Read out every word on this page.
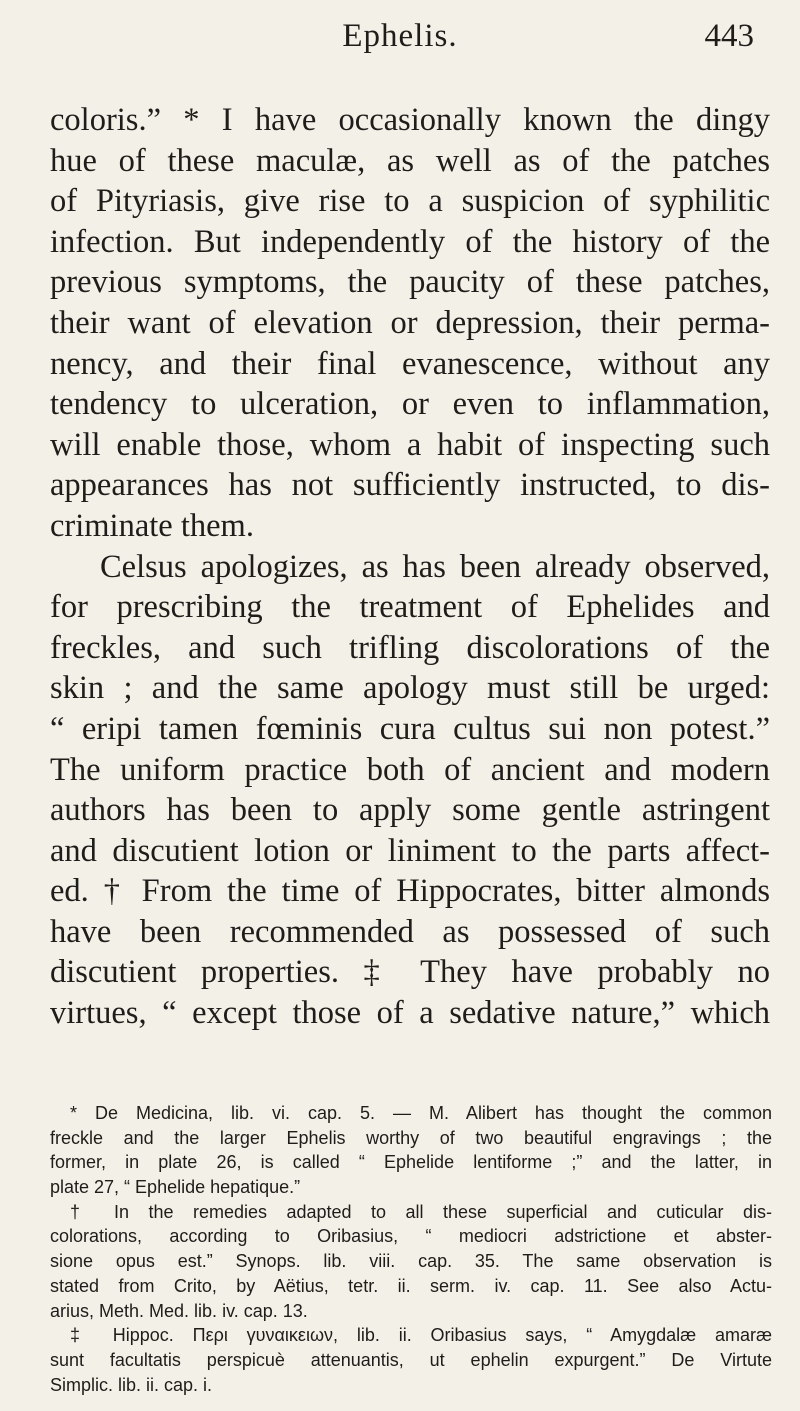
Ephelis.	443
coloris.” * I have occasionally known the dingy
hue of these maculæ, as well as of the patches
of Pityriasis, give rise to a suspicion of syphilitic
infection. But independently of the history of the
previous symptoms, the paucity of these patches,
their want of elevation or depression, their perma-
nency, and their final evanescence, without any
tendency to ulceration, or even to inflammation,
will enable those, whom a habit of inspecting such
appearances has not sufficiently instructed, to dis-
criminate them.
Celsus apologizes, as has been already observed,
for prescribing the treatment of Ephelides and
freckles, and such trifling discolorations of the
skin ; and the same apology must still be urged:
“ eripi tamen fœminis cura cultus sui non potest.”
The uniform practice both of ancient and modern
authors has been to apply some gentle astringent
and discutient lotion or liniment to the parts affect-
ed. † From the time of Hippocrates, bitter almonds
have been recommended as possessed of such
discutient properties. ‡ They have probably no
virtues, “ except those of a sedative nature,” which
* De Medicina, lib. vi. cap. 5. — M. Alibert has thought the common
freckle and the larger Ephelis worthy of two beautiful engravings ; the
former, in plate 26, is called “ Ephelide lentiforme ;” and the latter, in
plate 27, “ Ephelide hepatique.”
† In the remedies adapted to all these superficial and cuticular dis-
colorations, according to Oribasius, “ mediocri adstrictione et abster-
sione opus est.” Synops. lib. viii. cap. 35. The same observation is
stated from Crito, by Aëtius, tetr. ii. serm. iv. cap. 11. See also Actu-
arius, Meth. Med. lib. iv. cap. 13.
‡ Hippoc. Περι γυναικειων, lib. ii. Oribasius says, “ Amygdalæ amaræ
sunt facultatis perspicuè attenuantis, ut ephelin expurgent.” De Virtute
Simplic. lib. ii. cap. i.
